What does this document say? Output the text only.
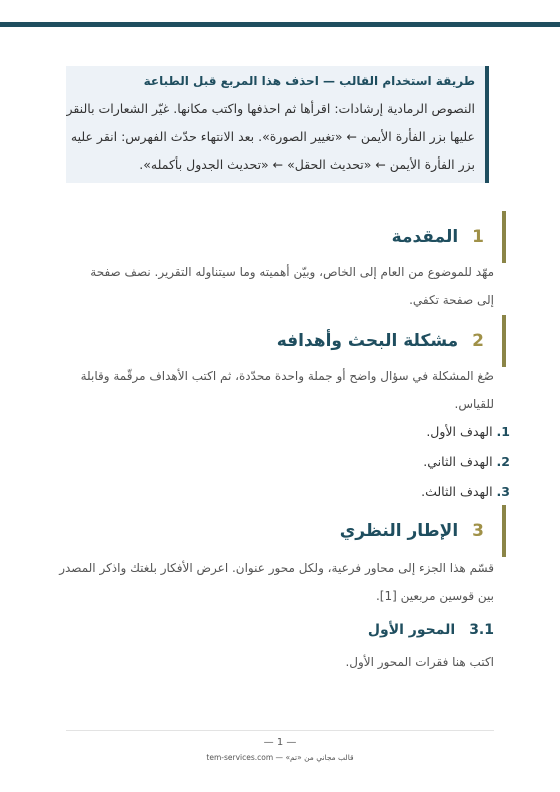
طريقة استخدام القالب — احذف هذا المربع قبل الطباعة

النصوص الرمادية إرشادات: اقرأها ثم احذفها واكتب مكانها. غيّر الشعارات بالنقر
عليها بزر الفأرة الأيمن ← «تغيير الصورة». بعد الانتهاء حدّث الفهرس: انقر عليه
بزر الفأرة الأيمن ← «تحديث الحقل» ← «تحديث الجدول بأكمله».

1
المقدمة

مهّد للموضوع من العام إلى الخاص، وبيّن أهميته وما سيتناوله التقرير. نصف صفحة
إلى صفحة تكفي.

2
مشكلة البحث وأهدافه

صُغ المشكلة في سؤال واضح أو جملة واحدة محدّدة، ثم اكتب الأهداف مرقّمة وقابلة
للقياس.

1. الهدف الأول.
2. الهدف الثاني.
3. الهدف الثالث.
3
الإطار النظري

قسّم هذا الجزء إلى محاور فرعية، ولكل محور عنوان. اعرض الأفكار بلغتك واذكر المصدر
بين قوسين مربعين [1].

3.1
المحور الأول

اكتب هنا فقرات المحور الأول.

— 1 —
قالب مجاني من «تم» — tem-services.com
